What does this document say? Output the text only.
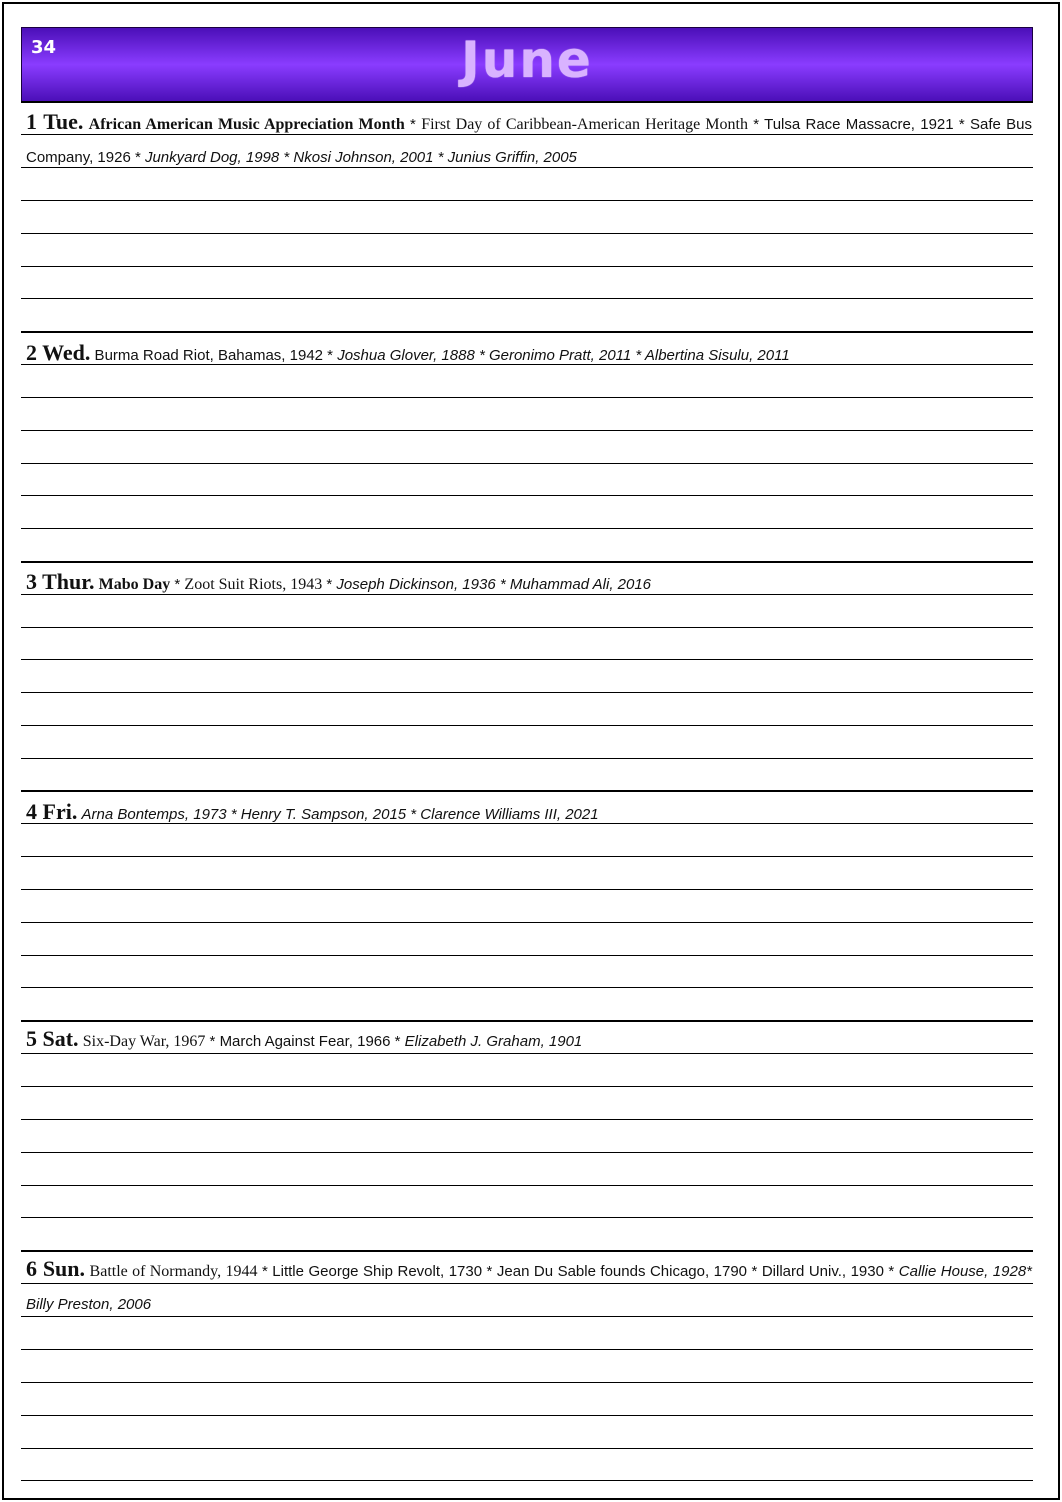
34	June
1 Tue. African American Music Appreciation Month * First Day of Caribbean-American Heritage Month * Tulsa Race Massacre, 1921 * Safe Bus Company, 1926 * Junkyard Dog, 1998 * Nkosi Johnson, 2001 * Junius Griffin, 2005
2 Wed. Burma Road Riot, Bahamas, 1942 * Joshua Glover, 1888 * Geronimo Pratt, 2011 * Albertina Sisulu, 2011
3 Thur. Mabo Day * Zoot Suit Riots, 1943 * Joseph Dickinson, 1936 * Muhammad Ali, 2016
4 Fri. Arna Bontemps, 1973 * Henry T. Sampson, 2015 * Clarence Williams III, 2021
5 Sat. Six-Day War, 1967 * March Against Fear, 1966 * Elizabeth J. Graham, 1901
6 Sun. Battle of Normandy, 1944 * Little George Ship Revolt, 1730 * Jean Du Sable founds Chicago, 1790 * Dillard Univ., 1930 * Callie House, 1928* Billy Preston, 2006
